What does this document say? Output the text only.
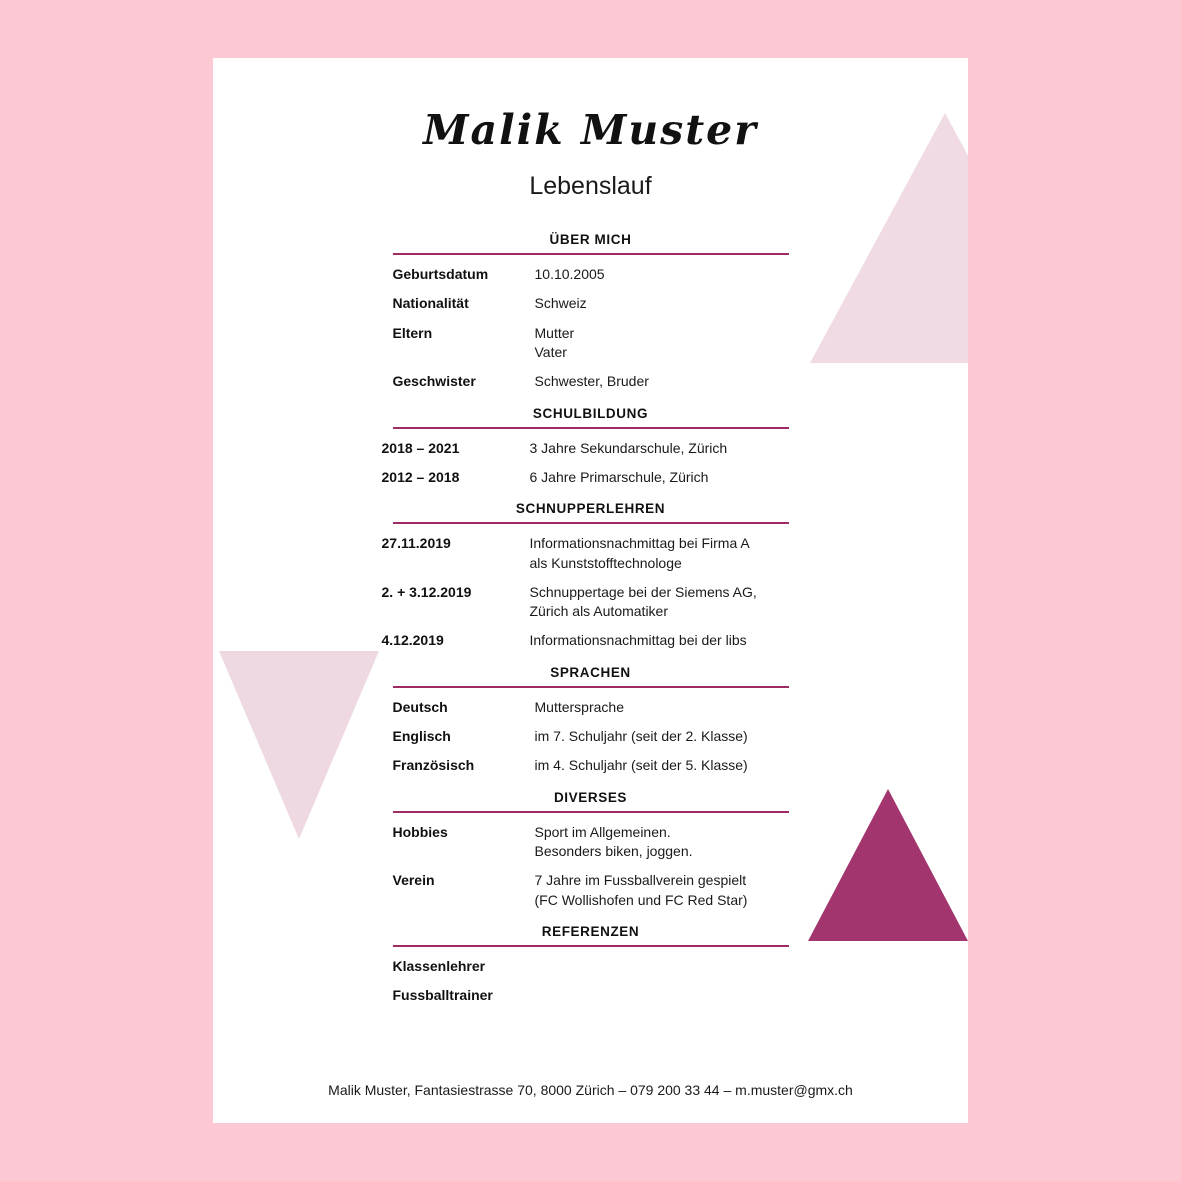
Malik Muster
Lebenslauf
ÜBER MICH
Geburtsdatum	10.10.2005
Nationalität	Schweiz
Eltern	Mutter
Vater
Geschwister	Schwester, Bruder
SCHULBILDUNG
2018 – 2021	3 Jahre Sekundarschule, Zürich
2012 – 2018	6 Jahre Primarschule, Zürich
SCHNUPPERLEHREN
27.11.2019	Informationsnachmittag bei Firma A
als Kunststofftechnologe
2. + 3.12.2019	Schnuppertage bei der Siemens AG,
Zürich als Automatiker
4.12.2019	Informationsnachmittag bei der libs
SPRACHEN
Deutsch	Muttersprache
Englisch	im 7. Schuljahr (seit der 2. Klasse)
Französisch	im 4. Schuljahr (seit der 5. Klasse)
DIVERSES
Hobbies	Sport im Allgemeinen.
Besonders biken, joggen.
Verein	7 Jahre im Fussballverein gespielt
(FC Wollishofen und FC Red Star)
REFERENZEN
Klassenlehrer
Fussballtrainer
Malik Muster, Fantasiestrasse 70, 8000 Zürich – 079 200 33 44 – m.muster@gmx.ch
